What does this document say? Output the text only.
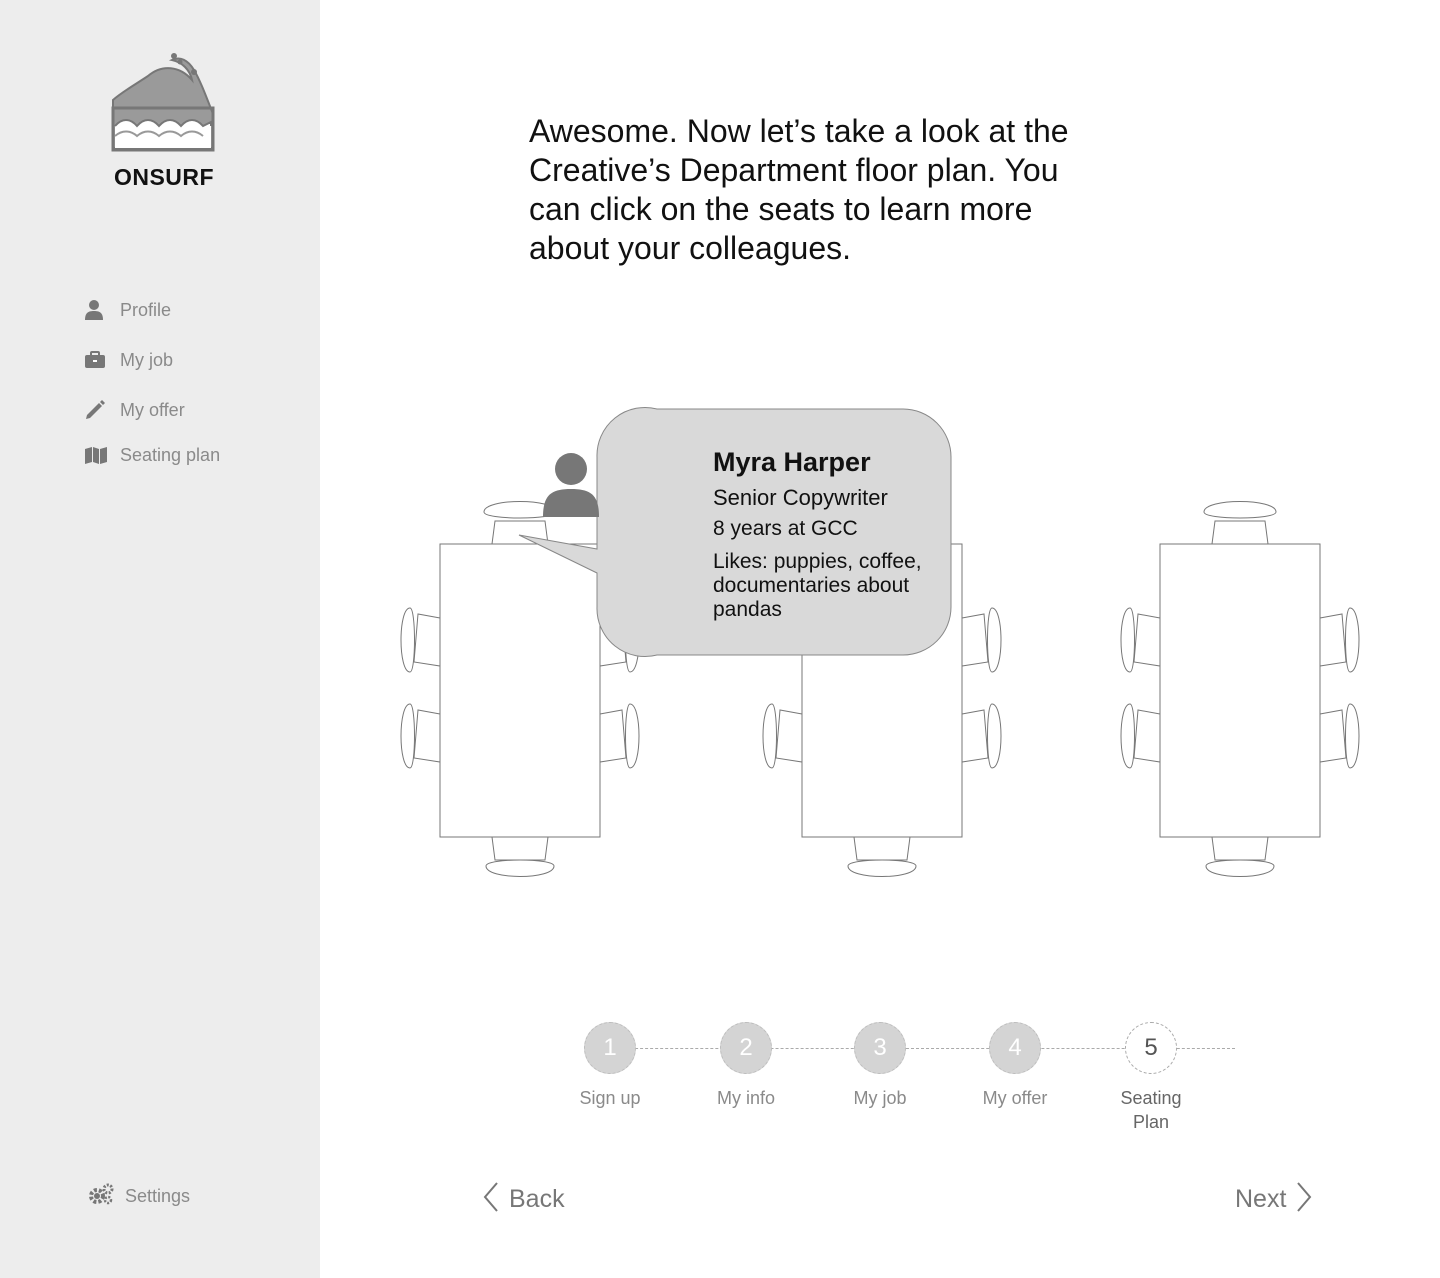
ONSURF
Profile
My job
My offer
Seating plan
Settings
Awesome. Now let’s take a look at the Creative’s Department floor plan. You can click on the seats to learn more about your colleagues.
Myra Harper
Senior Copywriter
8 years at GCC
Likes: puppies, coffee, documentaries about pandas
1
Sign up
2
My info
3
My job
4
My offer
5
Seating Plan
Back	Next
